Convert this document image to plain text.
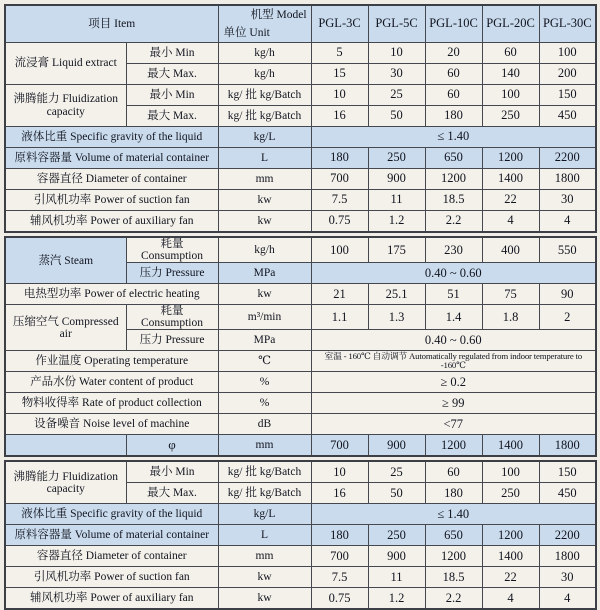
项目 Item		机型 Model
单位 Unit	PGL-3C	PGL-5C	PGL-10C	PGL-20C	PGL-30C
流浸膏 Liquid extract	最小 Min	kg/h	5	10	20	60	100
	最大 Max.	kg/h	15	30	60	140	200
沸腾能力 Fluidization capacity	最小 Min	kg/ 批 kg/Batch	10	25	60	100	150
	最大 Max.	kg/ 批 kg/Batch	16	50	180	250	450
液体比重 Specific gravity of the liquid		kg/L	≤ 1.40				
原料容器量 Volume of material container		L	180	250	650	1200	2200
容器直径 Diameter of container		mm	700	900	1200	1400	1800
引风机功率 Power of suction fan		kw	7.5	11	18.5	22	30
辅风机功率 Power of auxiliary fan		kw	0.75	1.2	2.2	4	4
蒸汽 Steam	耗量 Consumption	kg/h	100	175	230	400	550
	压力 Pressure	MPa	0.40 ~ 0.60				
电热型功率 Power of electric heating		kw	21	25.1	51	75	90
压缩空气 Compressed air	耗量 Consumption	m³/min	1.1	1.3	1.4	1.8	2
	压力 Pressure	MPa	0.40 ~ 0.60				
作业温度 Operating temperature		℃	室温 - 160℃ 自动调节 Automatically regulated from indoor temperature to -160℃				
产品水份 Water content of product		%	≥ 0.2				
物料收得率 Rate of product collection		%	≥ 99				
设备噪音 Noise level of machine		dB	<77				
	φ	mm	700	900	1200	1400	1800
沸腾能力 Fluidization capacity	最小 Min	kg/ 批 kg/Batch	10	25	60	100	150
	最大 Max.	kg/ 批 kg/Batch	16	50	180	250	450
液体比重 Specific gravity of the liquid		kg/L	≤ 1.40				
原料容器量 Volume of material container		L	180	250	650	1200	2200
容器直径 Diameter of container		mm	700	900	1200	1400	1800
引风机功率 Power of suction fan		kw	7.5	11	18.5	22	30
辅风机功率 Power of auxiliary fan		kw	0.75	1.2	2.2	4	4
